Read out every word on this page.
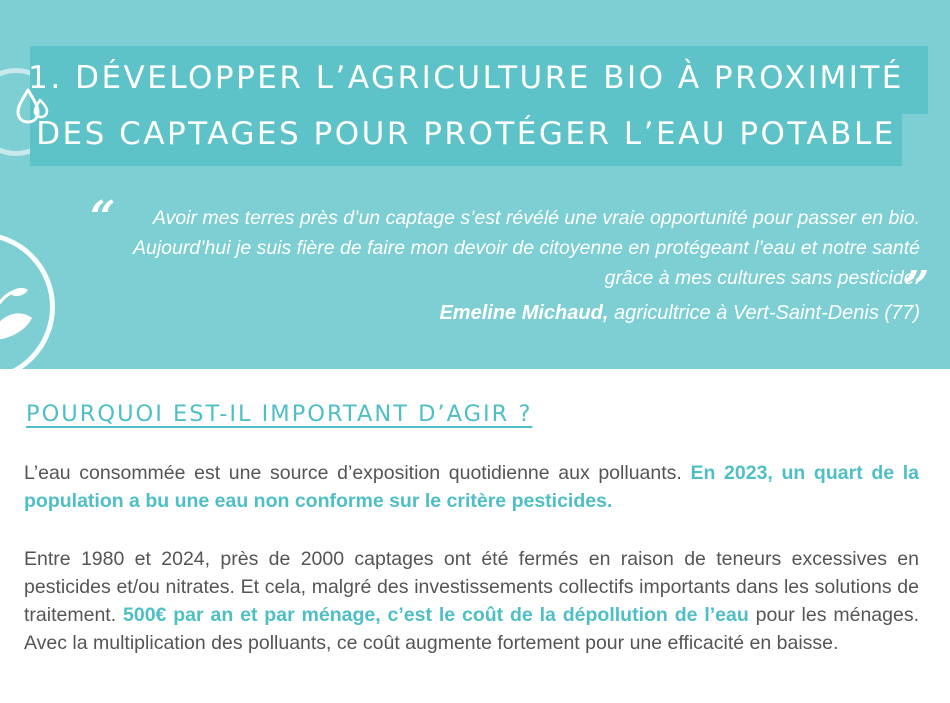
1. DÉVELOPPER L’AGRICULTURE BIO À PROXIMITÉ
DES CAPTAGES POUR PROTÉGER L’EAU POTABLE
“	Avoir mes terres près d’un captage s’est révélé une vraie opportunité pour passer en bio. Aujourd’hui je suis fière de faire mon devoir de citoyenne en protégeant l’eau et notre santé grâce à mes cultures sans pesticide.
”
Emeline Michaud, agricultrice à Vert-Saint-Denis (77)
POURQUOI EST-IL IMPORTANT D’AGIR ?

L’eau consommée est une source d’exposition quotidienne aux polluants. En 2023, un quart de la population a bu une eau non conforme sur le critère pesticides.

Entre 1980 et 2024, près de 2000 captages ont été fermés en raison de teneurs excessives en pesticides et/ou nitrates. Et cela, malgré des investissements collectifs importants dans les solutions de traitement. 500€ par an et par ménage, c’est le coût de la dépollution de l’eau pour les ménages. Avec la multiplication des polluants, ce coût augmente fortement pour une efficacité en baisse.
